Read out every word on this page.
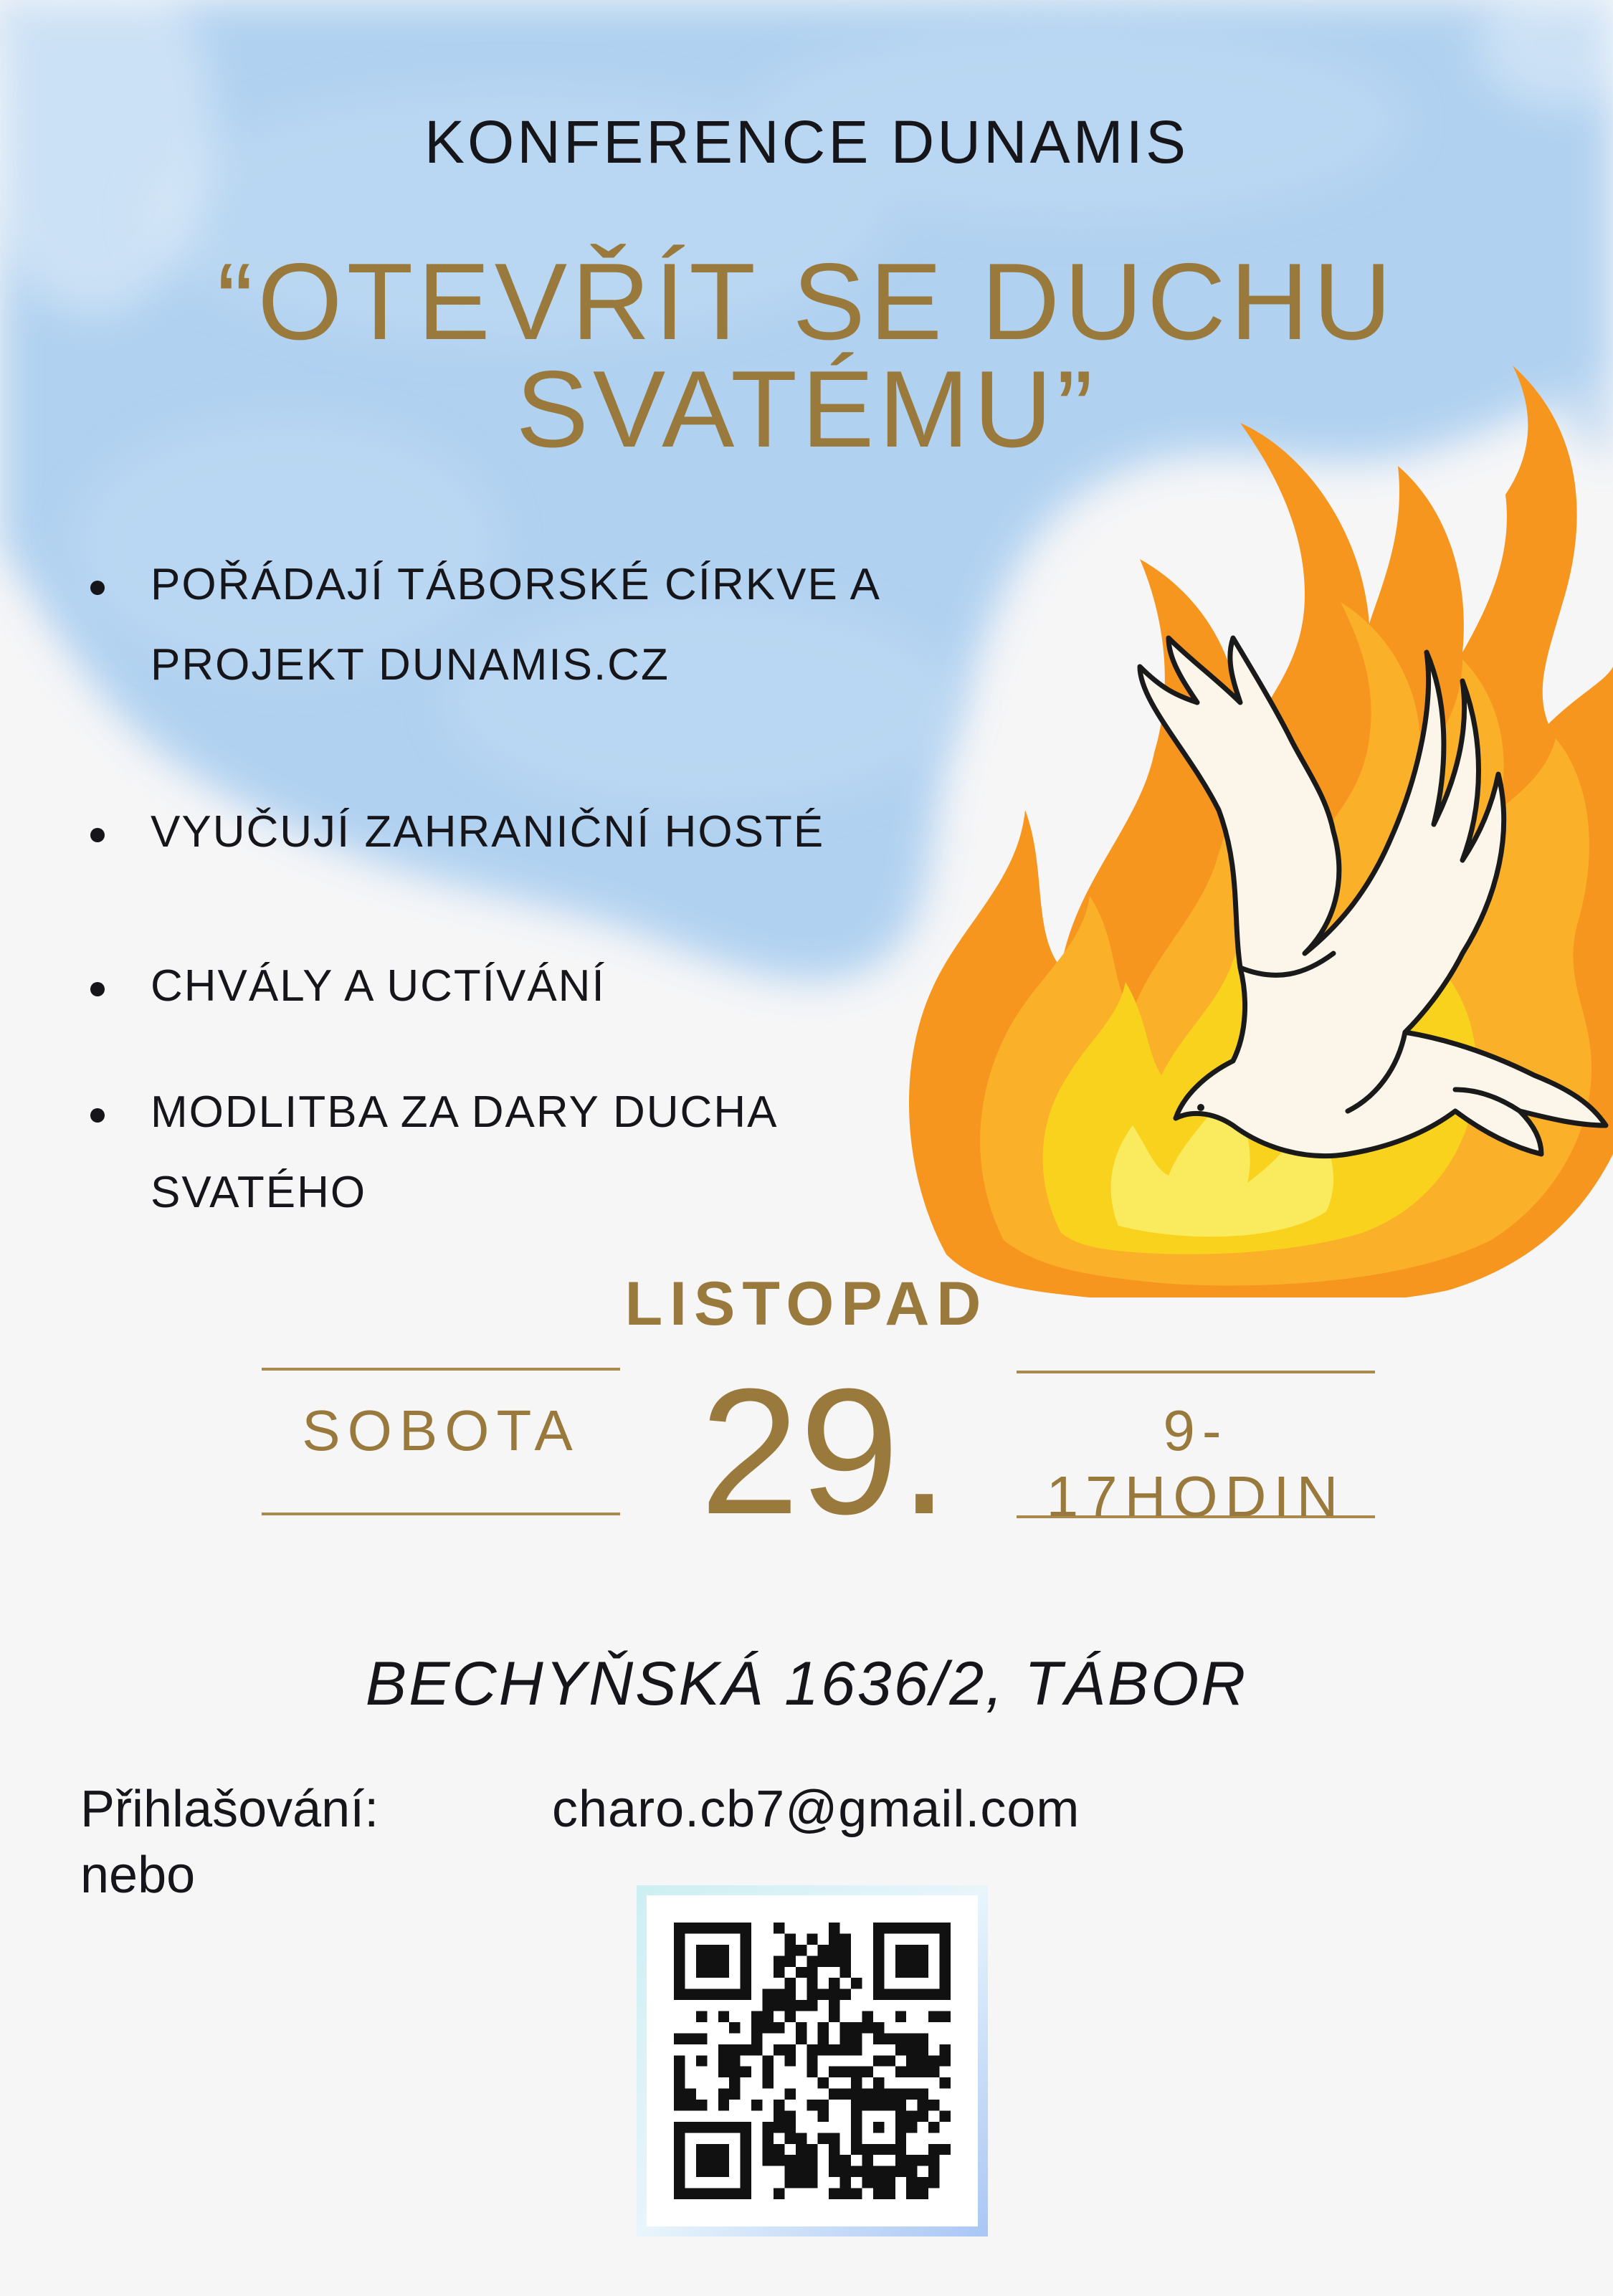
KONFERENCE DUNAMIS
“OTEVŘÍT SE DUCHU
SVATÉMU”
POŘÁDAJÍ TÁBORSKÉ CÍRKVE A
PROJEKT DUNAMIS.CZ
VYUČUJÍ ZAHRANIČNÍ HOSTÉ
CHVÁLY A UCTÍVÁNÍ
MODLITBA ZA DARY DUCHA
SVATÉHO
LISTOPAD
SOBOTA 29.	9-17HODIN
BECHYŇSKÁ 1636/2, TÁBOR
Přihlašování:
nebo
charo.cb7@gmail.com
